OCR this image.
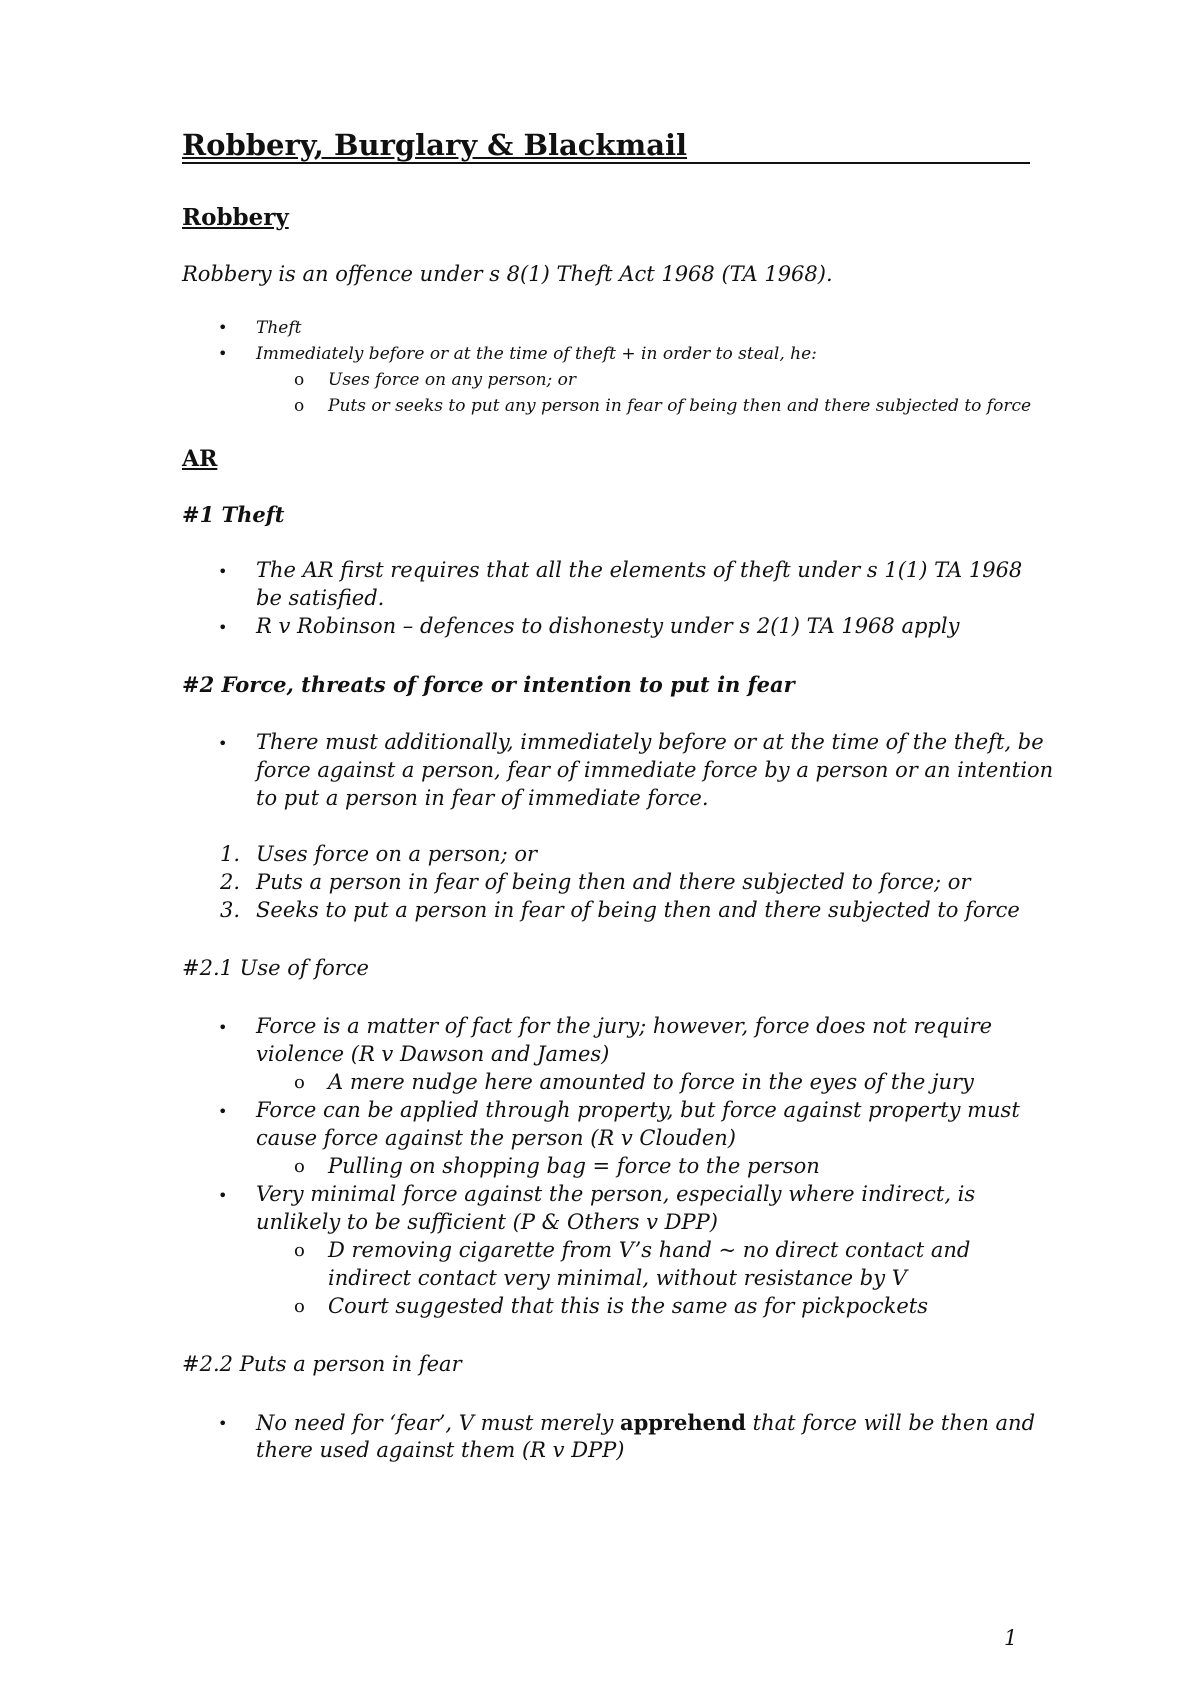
Robbery, Burglary & Blackmail
Robbery
Robbery is an offence under s 8(1) Theft Act 1968 (TA 1968).
• Theft
• Immediately before or at the time of theft + in order to steal, he:
o Uses force on any person; or
o Puts or seeks to put any person in fear of being then and there subjected to force
AR
#1 Theft
• The AR first requires that all the elements of theft under s 1(1) TA 1968
be satisfied.
• R v Robinson – defences to dishonesty under s 2(1) TA 1968 apply
#2 Force, threats of force or intention to put in fear
• There must additionally, immediately before or at the time of the theft, be
force against a person, fear of immediate force by a person or an intention
to put a person in fear of immediate force.
1. Uses force on a person; or
2. Puts a person in fear of being then and there subjected to force; or
3. Seeks to put a person in fear of being then and there subjected to force
#2.1 Use of force
• Force is a matter of fact for the jury; however, force does not require
violence (R v Dawson and James)
o A mere nudge here amounted to force in the eyes of the jury
• Force can be applied through property, but force against property must
cause force against the person (R v Clouden)
o Pulling on shopping bag = force to the person
• Very minimal force against the person, especially where indirect, is
unlikely to be sufficient (P & Others v DPP)
o D removing cigarette from V’s hand ~ no direct contact and
indirect contact very minimal, without resistance by V
o Court suggested that this is the same as for pickpockets
#2.2 Puts a person in fear
• No need for ‘fear’, V must merely apprehend that force will be then and
there used against them (R v DPP)
1
